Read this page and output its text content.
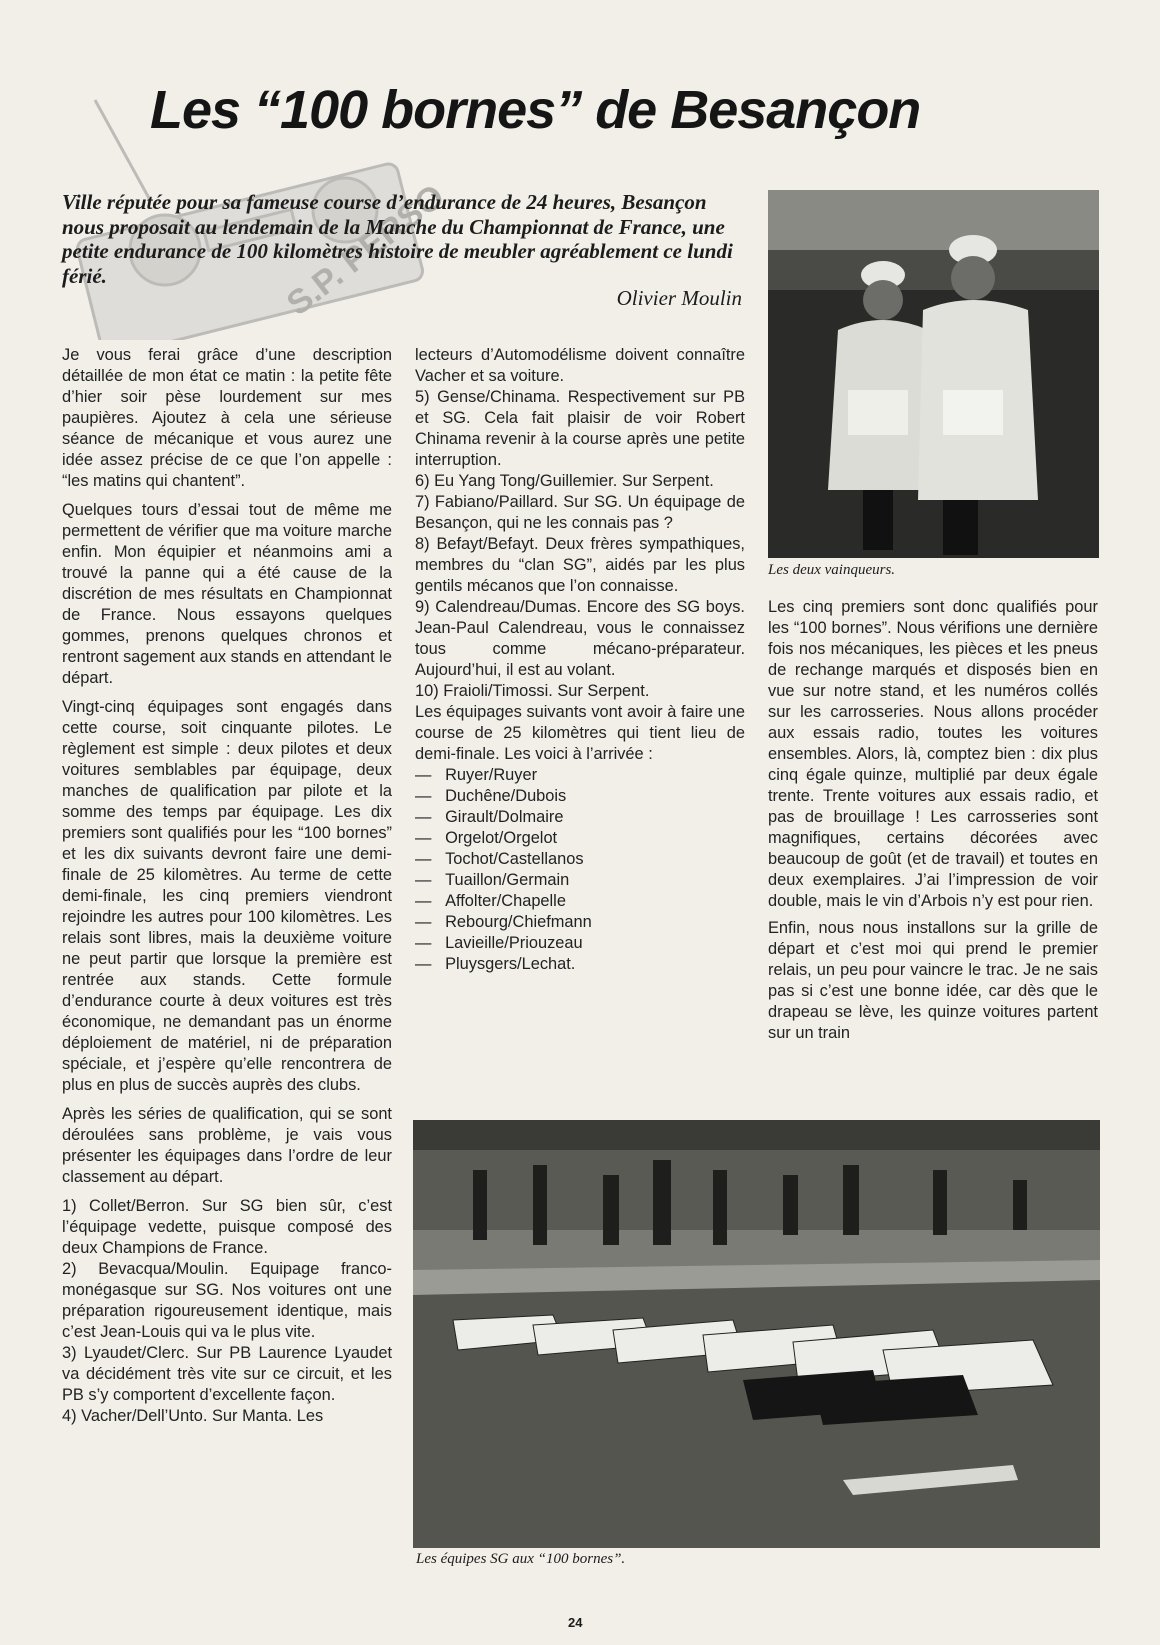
S.P. PERSO
Les “100 bornes” de Besançon

Ville réputée pour sa fameuse course d’endurance de 24 heures, Besançon nous proposait au lendemain de la Manche du Championnat de France, une petite endurance de 100 kilomètres histoire de meubler agréablement ce lundi férié.

Olivier Moulin

Je vous ferai grâce d’une description détaillée de mon état ce matin : la petite fête d’hier soir pèse lourdement sur mes paupières. Ajoutez à cela une sérieuse séance de mécanique et vous aurez une idée assez précise de ce que l’on appelle : “les matins qui chantent”.

Quelques tours d’essai tout de même me permettent de vérifier que ma voiture marche enfin. Mon équipier et néanmoins ami a trouvé la panne qui a été cause de la discrétion de mes résultats en Championnat de France. Nous essayons quelques gommes, prenons quelques chronos et rentront sagement aux stands en attendant le départ.

Vingt-cinq équipages sont engagés dans cette course, soit cinquante pilotes. Le règlement est simple : deux pilotes et deux voitures semblables par équipage, deux manches de qualification par pilote et la somme des temps par équipage. Les dix premiers sont qualifiés pour les “100 bornes” et les dix suivants devront faire une demi-finale de 25 kilomètres. Au terme de cette demi-finale, les cinq premiers viendront rejoindre les autres pour 100 kilomètres. Les relais sont libres, mais la deuxième voiture ne peut partir que lorsque la première est rentrée aux stands. Cette formule d’endurance courte à deux voitures est très économique, ne demandant pas un énorme déploiement de matériel, ni de préparation spéciale, et j’espère qu’elle rencontrera de plus en plus de succès auprès des clubs.

Après les séries de qualification, qui se sont déroulées sans problème, je vais vous présenter les équipages dans l’ordre de leur classement au départ.

1) Collet/Berron. Sur SG bien sûr, c’est l’équipage vedette, puisque composé des deux Champions de France.

2) Bevacqua/Moulin. Equipage franco-monégasque sur SG. Nos voitures ont une préparation rigoureusement identique, mais c’est Jean-Louis qui va le plus vite.

3) Lyaudet/Clerc. Sur PB Laurence Lyaudet va décidément très vite sur ce circuit, et les PB s’y comportent d’excellente façon.

4) Vacher/Dell’Unto. Sur Manta. Les

lecteurs d’Automodélisme doivent connaître Vacher et sa voiture.

5) Gense/Chinama. Respectivement sur PB et SG. Cela fait plaisir de voir Robert Chinama revenir à la course après une petite interruption.

6) Eu Yang Tong/Guillemier. Sur Serpent.

7) Fabiano/Paillard. Sur SG. Un équipage de Besançon, qui ne les connais pas ?

8) Befayt/Befayt. Deux frères sympathiques, membres du “clan SG”, aidés par les plus gentils mécanos que l’on connaisse.

9) Calendreau/Dumas. Encore des SG boys. Jean-Paul Calendreau, vous le connaissez tous comme mécano-préparateur. Aujourd’hui, il est au volant.

10) Fraioli/Timossi. Sur Serpent.

Les équipages suivants vont avoir à faire une course de 25 kilomètres qui tient lieu de demi-finale. Les voici à l’arrivée :

—   Ruyer/Ruyer
—   Duchêne/Dubois
—   Girault/Dolmaire
—   Orgelot/Orgelot
—   Tochot/Castellanos
—   Tuaillon/Germain
—   Affolter/Chapelle
—   Rebourg/Chiefmann
—   Lavieille/Priouzeau
—   Pluysgers/Lechat.
Les deux vainqueurs.

Les cinq premiers sont donc qualifiés pour les “100 bornes”. Nous vérifions une dernière fois nos mécaniques, les pièces et les pneus de rechange marqués et disposés bien en vue sur notre stand, et les numéros collés sur les carrosseries. Nous allons procéder aux essais radio, toutes les voitures ensembles. Alors, là, comptez bien : dix plus cinq égale quinze, multiplié par deux égale trente. Trente voitures aux essais radio, et pas de brouillage ! Les carrosseries sont magnifiques, certains décorées avec beaucoup de goût (et de travail) et toutes en deux exemplaires. J’ai l’impression de voir double, mais le vin d’Arbois n’y est pour rien.

Enfin, nous nous installons sur la grille de départ et c’est moi qui prend le premier relais, un peu pour vaincre le trac. Je ne sais pas si c’est une bonne idée, car dès que le drapeau se lève, les quinze voitures partent sur un train

Les équipes SG aux “100 bornes”.
24
